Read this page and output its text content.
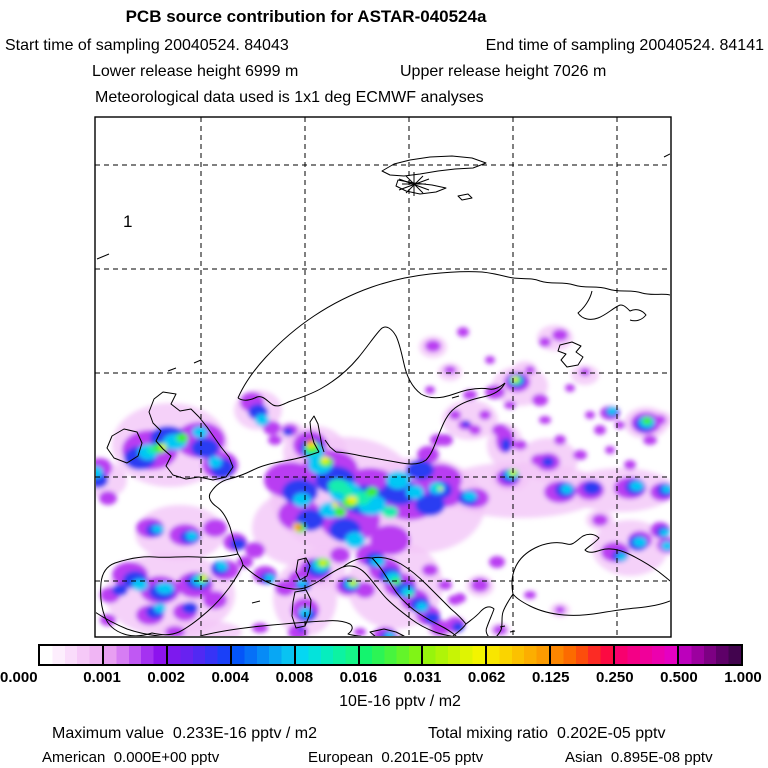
PCB source contribution for ASTAR-040524a
Start time of sampling 20040524. 84043	End time of sampling 20040524. 84141
Lower release height 6999 m	Upper release height 7026 m
Meteorological data used is 1x1 deg ECMWF analyses
1
0.000	0.001 0.002 0.004 0.008 0.016 0.031 0.062 0.125 0.250 0.500 1.000
10E-16 pptv / m2
Maximum value  0.233E-16 pptv / m2	Total mixing ratio  0.202E-05 pptv
American  0.000E+00 pptv	European  0.201E-05 pptv	Asian  0.895E-08 pptv
